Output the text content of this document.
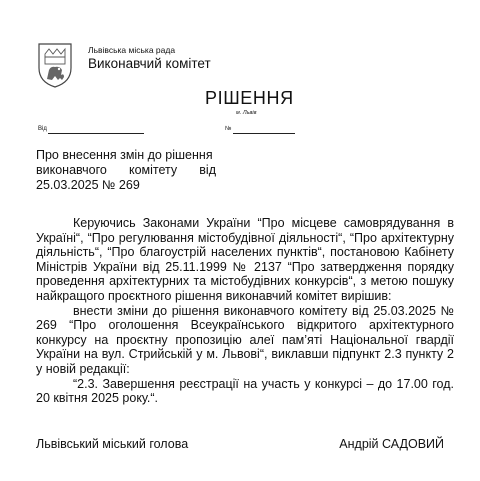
Львівська міська рада
Виконавчий комітет
РІШЕННЯ
м. Львів
Від	№
Про внесення змін до рішення
виконавчого комітету від
25.03.2025 № 269

Керуючись Законами України “Про місцеве самоврядування в Україні“, “Про регулювання містобудівної діяльності“, “Про архітектурну діяльність“, “Про благоустрій населених пунктів“, постановою Кабінету Міністрів України від 25.11.1999 № 2137 “Про затвердження порядку проведення архітектурних та містобудівних конкурсів“, з метою пошуку найкращого проєктного рішення виконавчий комітет вирішив:

внести зміни до рішення виконавчого комітету від 25.03.2025 № 269 “Про оголошення Всеукраїнського відкритого архітектурного конкурсу на проєктну пропозицію алеї пам’яті Національної гвардії України на вул. Стрийській у м. Львові“, виклавши підпункт 2.3 пункту 2 у новій редакції:

“2.3. Завершення реєстрації на участь у конкурсі – до 17.00 год. 20 квітня 2025 року.“.

Львівський міський голова	Андрій САДОВИЙ
